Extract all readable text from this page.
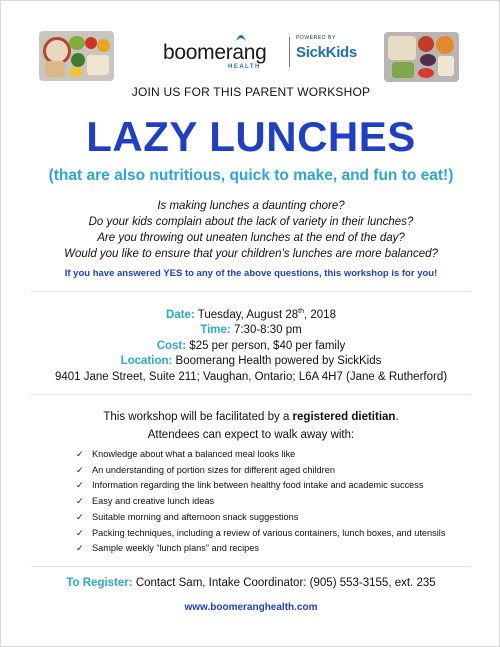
boomerang
HEALTH
POWERED BY
SickKids
JOIN US FOR THIS PARENT WORKSHOP
LAZY LUNCHES
(that are also nutritious, quick to make, and fun to eat!)
Is making lunches a daunting chore?
Do your kids complain about the lack of variety in their lunches?
Are you throwing out uneaten lunches at the end of the day?
Would you like to ensure that your children’s lunches are more balanced?
If you have answered YES to any of the above questions, this workshop is for you!
Date: Tuesday, August 28th, 2018
Time: 7:30-8:30 pm
Cost: $25 per person, $40 per family
Location: Boomerang Health powered by SickKids
9401 Jane Street, Suite 211; Vaughan, Ontario; L6A 4H7 (Jane & Rutherford)
This workshop will be facilitated by a registered dietitian.
Attendees can expect to walk away with:
✓ Knowledge about what a balanced meal looks like
✓ An understanding of portion sizes for different aged children
✓ Information regarding the link between healthy food intake and academic success
✓ Easy and creative lunch ideas
✓ Suitable morning and afternoon snack suggestions
✓ Packing techniques, including a review of various containers, lunch boxes, and utensils
✓ Sample weekly “lunch plans” and recipes
To Register: Contact Sam, Intake Coordinator: (905) 553-3155, ext. 235
www.boomeranghealth.com
